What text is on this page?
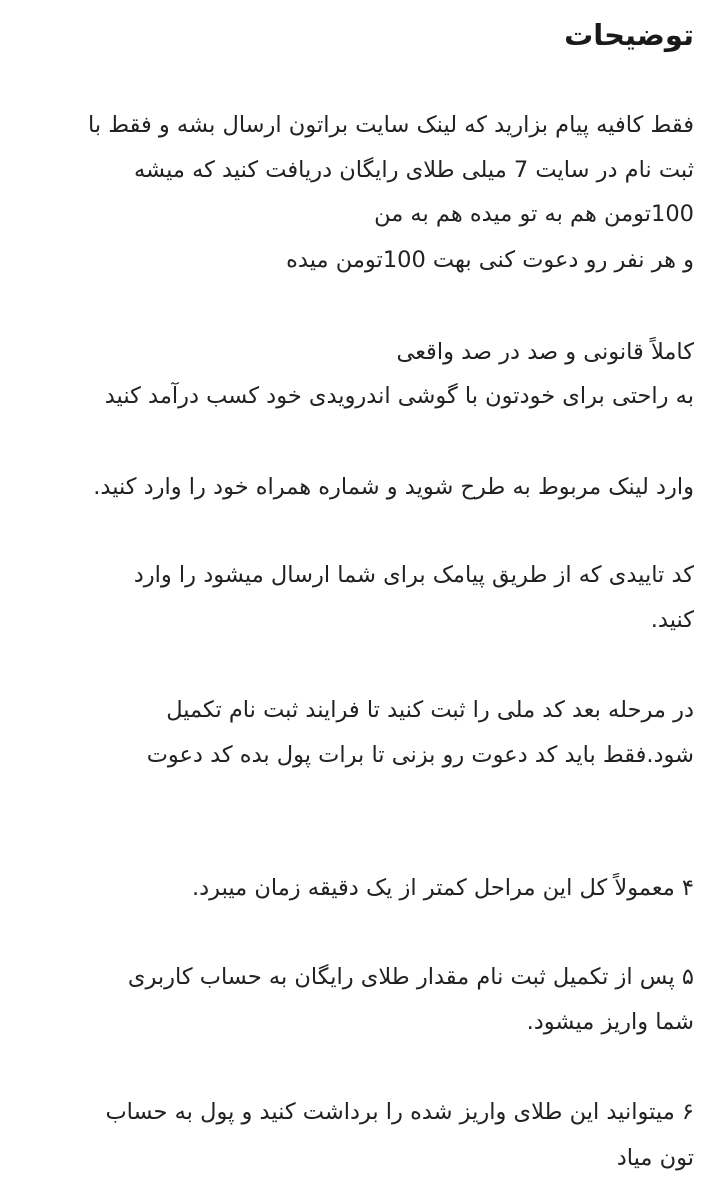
توضیحات
فقط کافیه پیام بزارید که لینک سایت براتون ارسال بشه و فقط با
ثبت نام در سایت 7 میلی طلای رایگان دریافت کنید که میشه
100تومن هم به تو میده هم به من
و هر نفر رو دعوت کنی بهت 100تومن میده
کاملاً قانونی و صد در صد واقعی
به راحتی برای خودتون با گوشی اندرویدی خود کسب درآمد کنید
وارد لینک مربوط به طرح شوید و شماره همراه خود را وارد کنید.
کد تاییدی که از طریق پیامک برای شما ارسال میشود را وارد
کنید.
در مرحله بعد کد ملی را ثبت کنید تا فرایند ثبت نام تکمیل
شود.فقط باید کد دعوت رو بزنی تا برات پول بده کد دعوت
۴ معمولاً کل این مراحل کمتر از یک دقیقه زمان میبرد.
۵ پس از تکمیل ثبت نام مقدار طلای رایگان به حساب کاربری
شما واریز میشود.
۶ میتوانید این طلای واریز شده را برداشت کنید و پول به حساب
تون میاد
